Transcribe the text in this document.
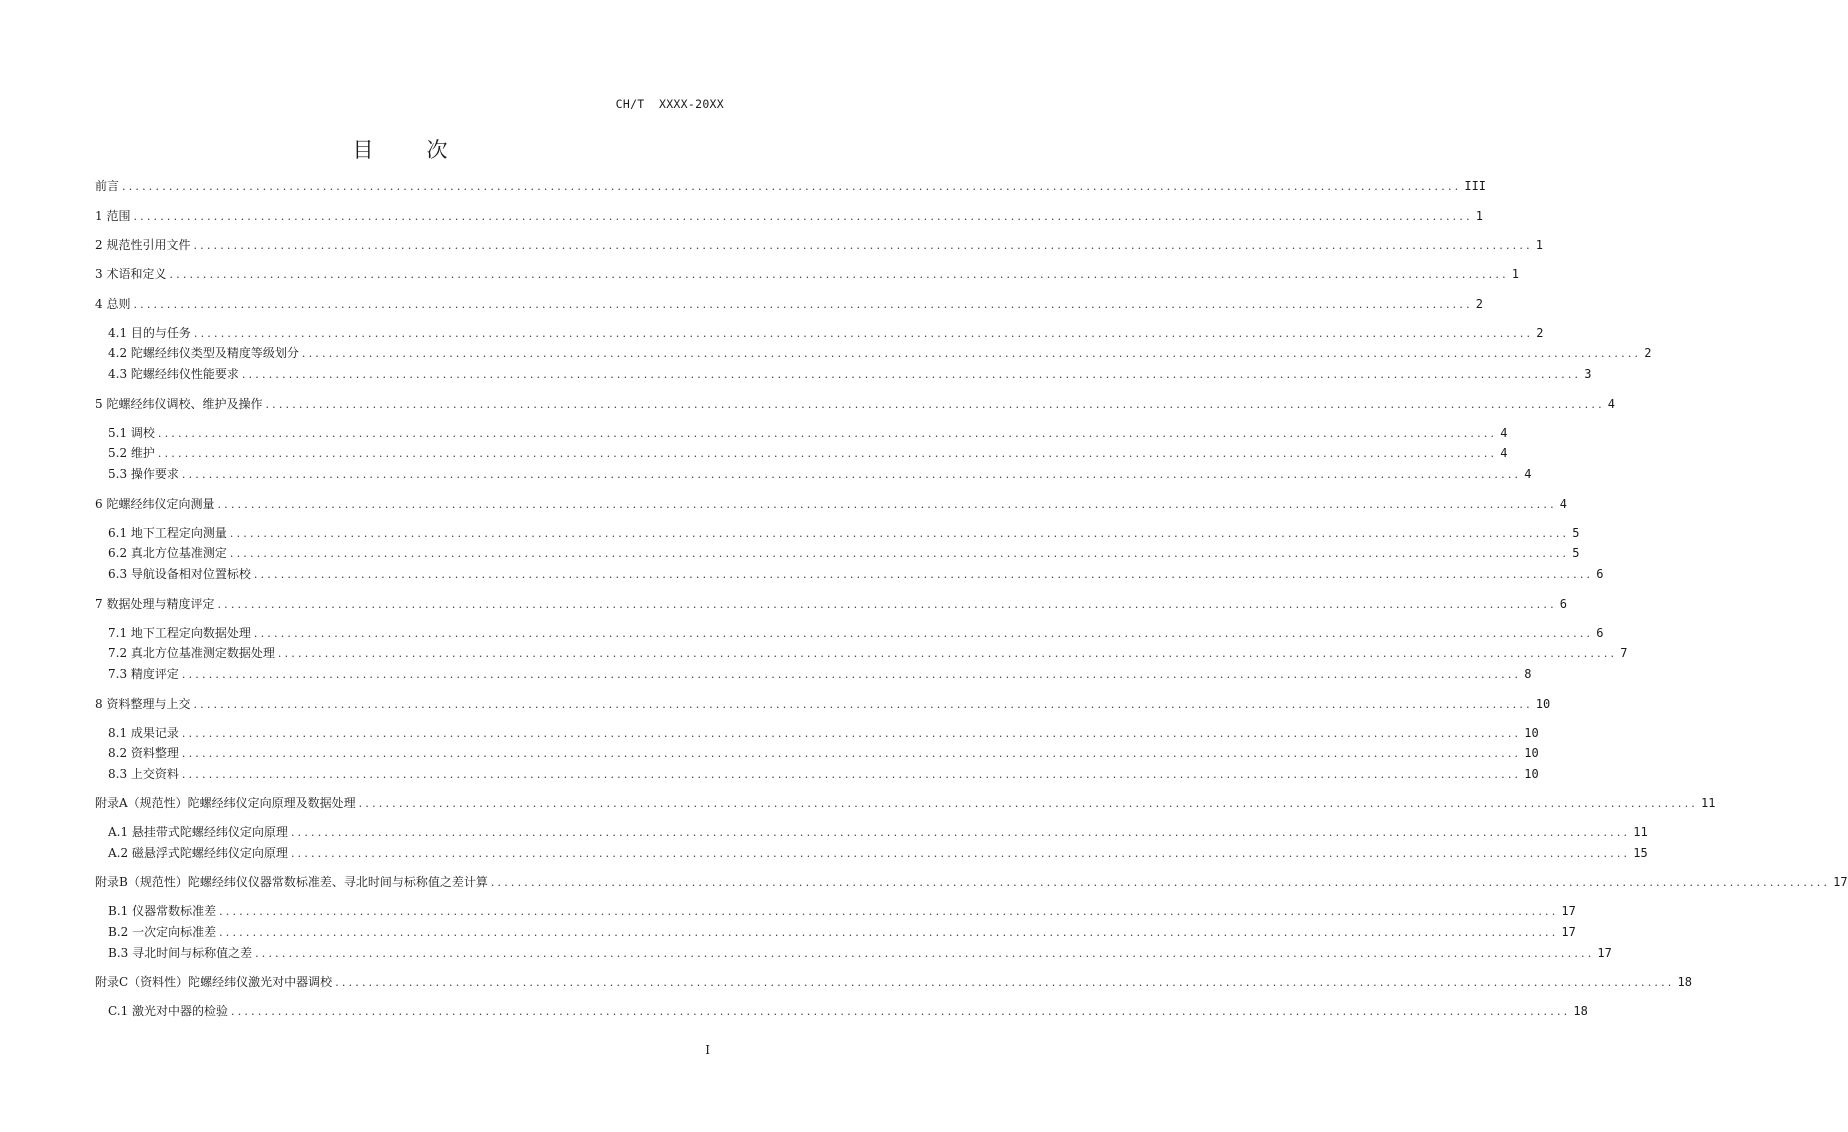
CH/T  XXXX-20XX
目　次
前言 ........................................................................................................................................................................................................ III
1 范围 ........................................................................................................................................................................................................ 1
2 规范性引用文件 ........................................................................................................................................................................................................ 1
3 术语和定义 ........................................................................................................................................................................................................ 1
4 总则 ........................................................................................................................................................................................................ 2
4.1 目的与任务 ........................................................................................................................................................................................................ 2
4.2 陀螺经纬仪类型及精度等级划分 ........................................................................................................................................................................................................ 2
4.3 陀螺经纬仪性能要求 ........................................................................................................................................................................................................ 3
5 陀螺经纬仪调校、维护及操作 ........................................................................................................................................................................................................ 4
5.1 调校 ........................................................................................................................................................................................................ 4
5.2 维护 ........................................................................................................................................................................................................ 4
5.3 操作要求 ........................................................................................................................................................................................................ 4
6 陀螺经纬仪定向测量 ........................................................................................................................................................................................................ 4
6.1 地下工程定向测量 ........................................................................................................................................................................................................ 5
6.2 真北方位基准测定 ........................................................................................................................................................................................................ 5
6.3 导航设备相对位置标校 ........................................................................................................................................................................................................ 6
7 数据处理与精度评定 ........................................................................................................................................................................................................ 6
7.1 地下工程定向数据处理 ........................................................................................................................................................................................................ 6
7.2 真北方位基准测定数据处理 ........................................................................................................................................................................................................ 7
7.3 精度评定 ........................................................................................................................................................................................................ 8
8 资料整理与上交 ........................................................................................................................................................................................................ 10
8.1 成果记录 ........................................................................................................................................................................................................ 10
8.2 资料整理 ........................................................................................................................................................................................................ 10
8.3 上交资料 ........................................................................................................................................................................................................ 10
附录A（规范性）陀螺经纬仪定向原理及数据处理 ........................................................................................................................................................................................................ 11
A.1 悬挂带式陀螺经纬仪定向原理 ........................................................................................................................................................................................................ 11
A.2 磁悬浮式陀螺经纬仪定向原理 ........................................................................................................................................................................................................ 15
附录B（规范性）陀螺经纬仪仪器常数标准差、寻北时间与标称值之差计算 ........................................................................................................................................................................................................ 17
B.1 仪器常数标准差 ........................................................................................................................................................................................................ 17
B.2 一次定向标准差 ........................................................................................................................................................................................................ 17
B.3 寻北时间与标称值之差 ........................................................................................................................................................................................................ 17
附录C（资料性）陀螺经纬仪激光对中器调校 ........................................................................................................................................................................................................ 18
C.1 激光对中器的检验 ........................................................................................................................................................................................................ 18
I
